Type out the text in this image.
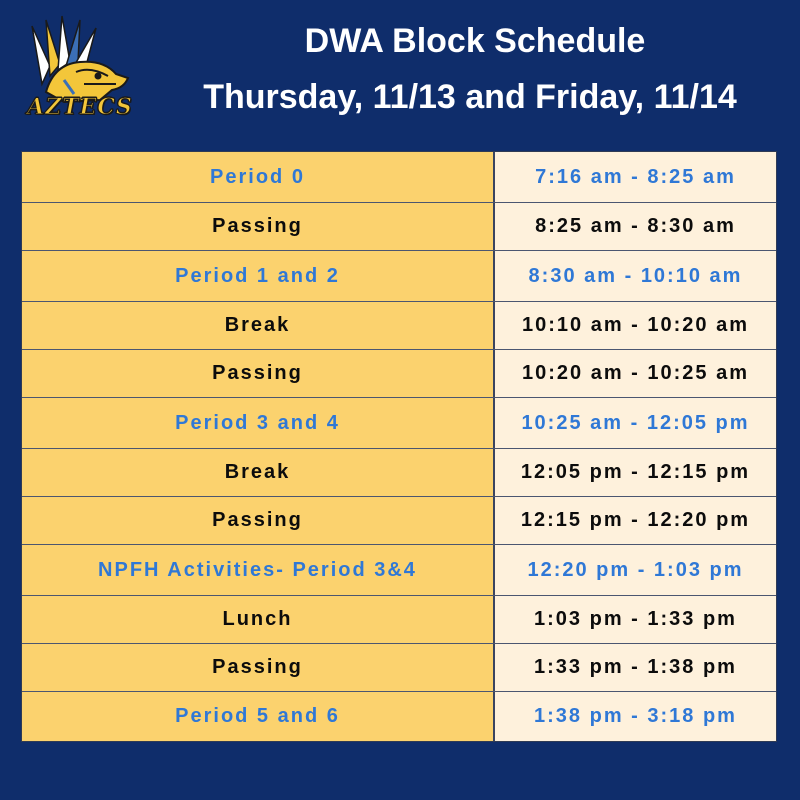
AZTECS
DWA Block Schedule
Thursday, 11/13 and Friday, 11/14
Period 0	7:16 am - 8:25 am
Passing	8:25 am - 8:30 am
Period 1 and 2	8:30 am - 10:10 am
Break	10:10 am - 10:20 am
Passing	10:20 am - 10:25 am
Period 3 and 4	10:25 am - 12:05 pm
Break	12:05 pm - 12:15 pm
Passing	12:15 pm - 12:20 pm
NPFH Activities- Period 3&4	12:20 pm - 1:03 pm
Lunch	1:03 pm - 1:33 pm
Passing	1:33 pm - 1:38 pm
Period 5 and 6	1:38 pm - 3:18 pm
